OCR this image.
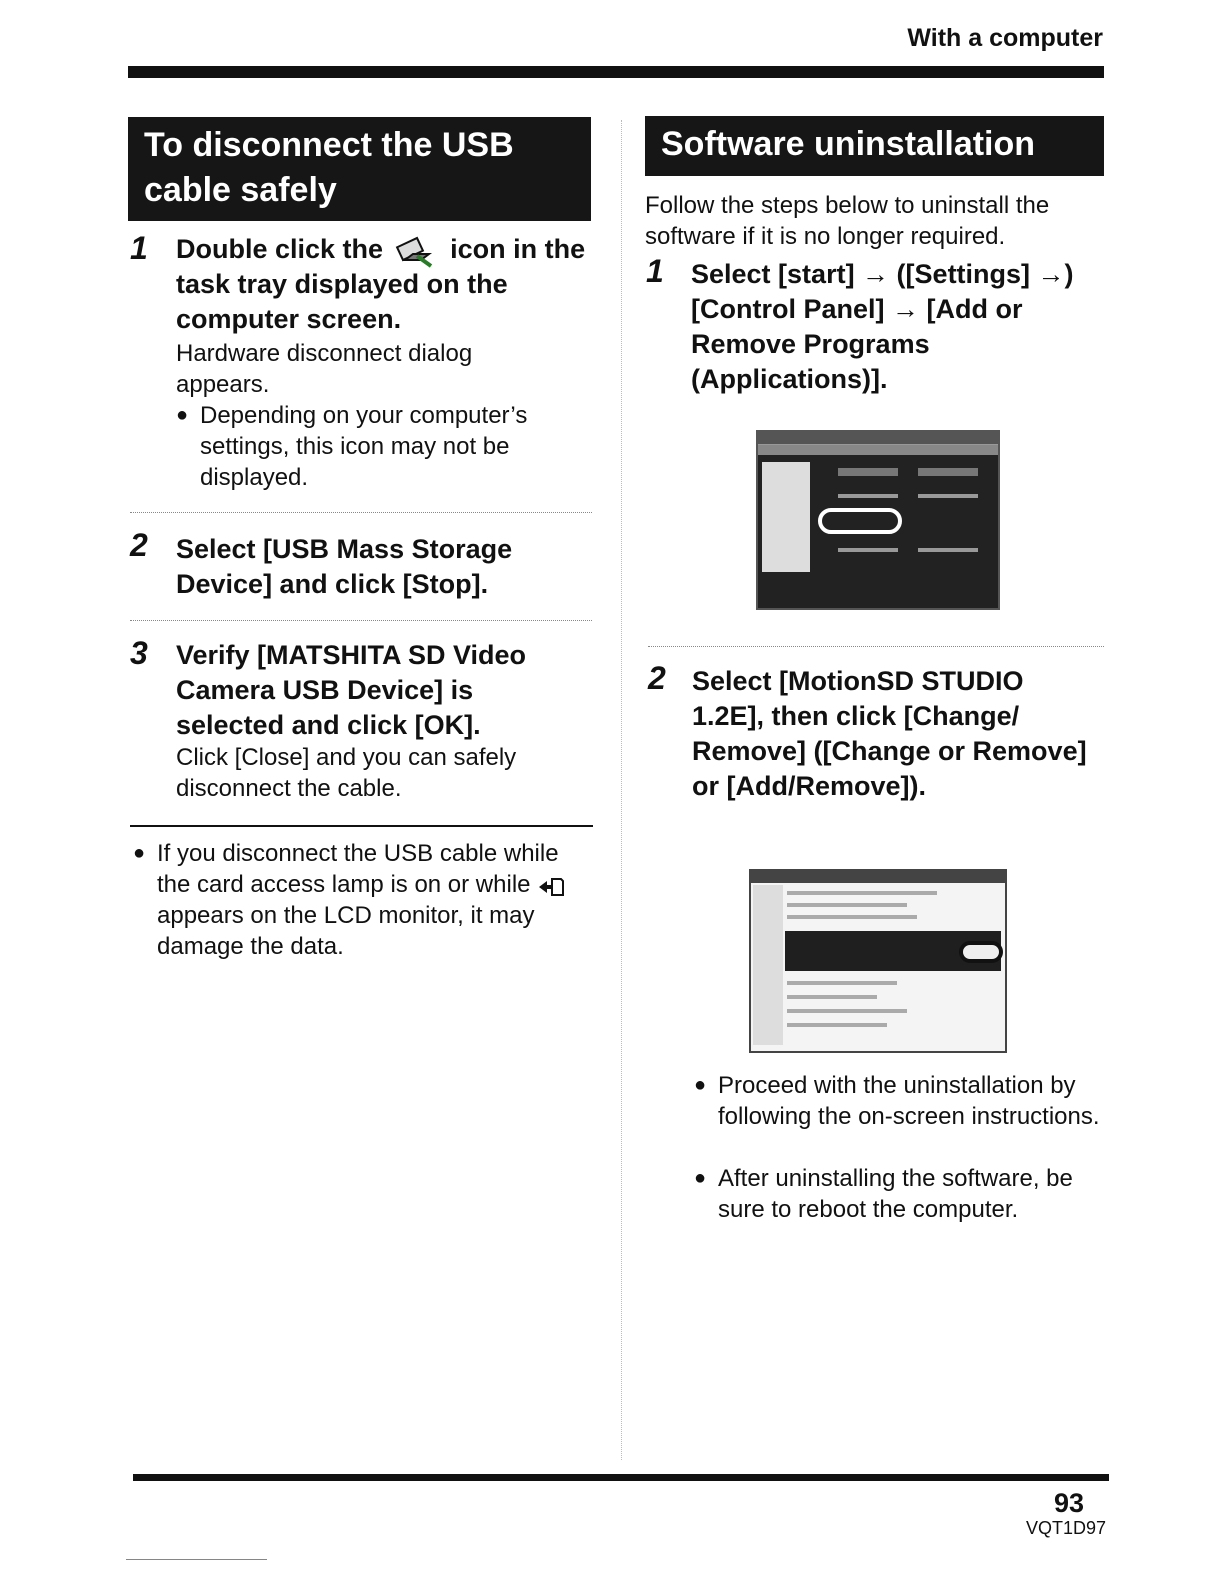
With a computer
To disconnect the USB cable safely
1 Double click the icon in the task tray displayed on the computer screen.
Hardware disconnect dialog appears.
● Depending on your computer’s settings, this icon may not be displayed.
2 Select [USB Mass Storage Device] and click [Stop].
3 Verify [MATSHITA SD Video Camera USB Device] is selected and click [OK].
Click [Close] and you can safely disconnect the cable.
● If you disconnect the USB cable while the card access lamp is on or while  appears on the LCD monitor, it may damage the data.
Software uninstallation
Follow the steps below to uninstall the software if it is no longer required.
1 Select [start] → ([Settings] →) [Control Panel] → [Add or Remove Programs (Applications)].
2 Select [MotionSD STUDIO 1.2E], then click [Change/ Remove] ([Change or Remove] or [Add/Remove]).
● Proceed with the uninstallation by following the on-screen instructions.
● After uninstalling the software, be sure to reboot the computer.
93
VQT1D97
